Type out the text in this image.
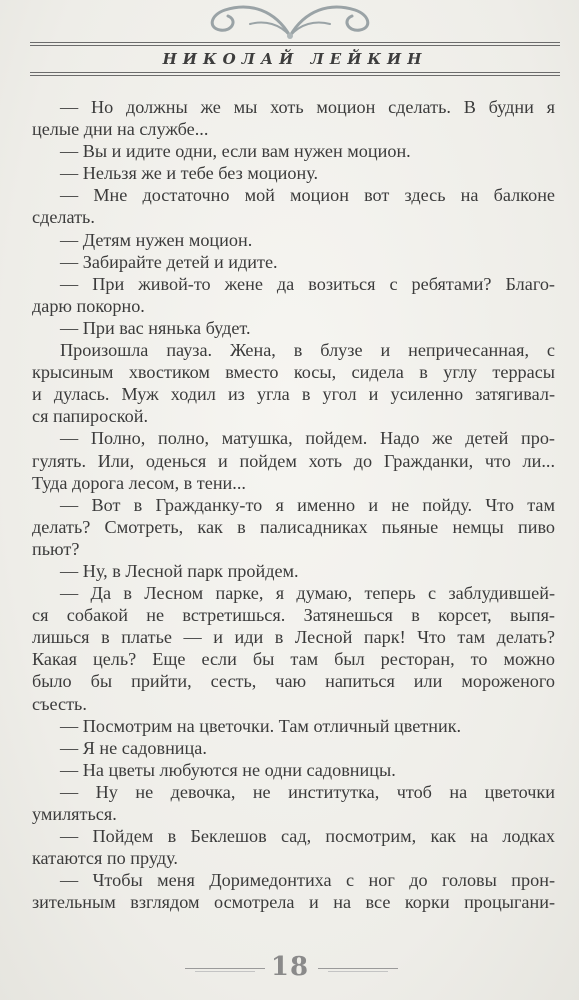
НИКОЛАЙ ЛЕЙКИН
— Но должны же мы хоть моцион сделать. В будни я
целые дни на службе...
— Вы и идите одни, если вам нужен моцион.
— Нельзя же и тебе без моциону.
— Мне достаточно мой моцион вот здесь на балконе
сделать.
— Детям нужен моцион.
— Забирайте детей и идите.
— При живой-то жене да возиться с ребятами? Благо-
дарю покорно.
— При вас нянька будет.
Произошла пауза. Жена, в блузе и непричесанная, с
крысиным хвостиком вместо косы, сидела в углу террасы
и дулась. Муж ходил из угла в угол и усиленно затягивал-
ся папироской.
— Полно, полно, матушка, пойдем. Надо же детей про-
гулять. Или, оденься и пойдем хоть до Гражданки, что ли...
Туда дорога лесом, в тени...
— Вот в Гражданку-то я именно и не пойду. Что там
делать? Смотреть, как в палисадниках пьяные немцы пиво
пьют?
— Ну, в Лесной парк пройдем.
— Да в Лесном парке, я думаю, теперь с заблудившей-
ся собакой не встретишься. Затянешься в корсет, выпя-
лишься в платье — и иди в Лесной парк! Что там делать?
Какая цель? Еще если бы там был ресторан, то можно
было бы прийти, сесть, чаю напиться или мороженого
съесть.
— Посмотрим на цветочки. Там отличный цветник.
— Я не садовница.
— На цветы любуются не одни садовницы.
— Ну не девочка, не институтка, чтоб на цветочки
умиляться.
— Пойдем в Беклешов сад, посмотрим, как на лодках
катаются по пруду.
— Чтобы меня Доримедонтиха с ног до головы прон-
зительным взглядом осмотрела и на все корки процыгани-
18
